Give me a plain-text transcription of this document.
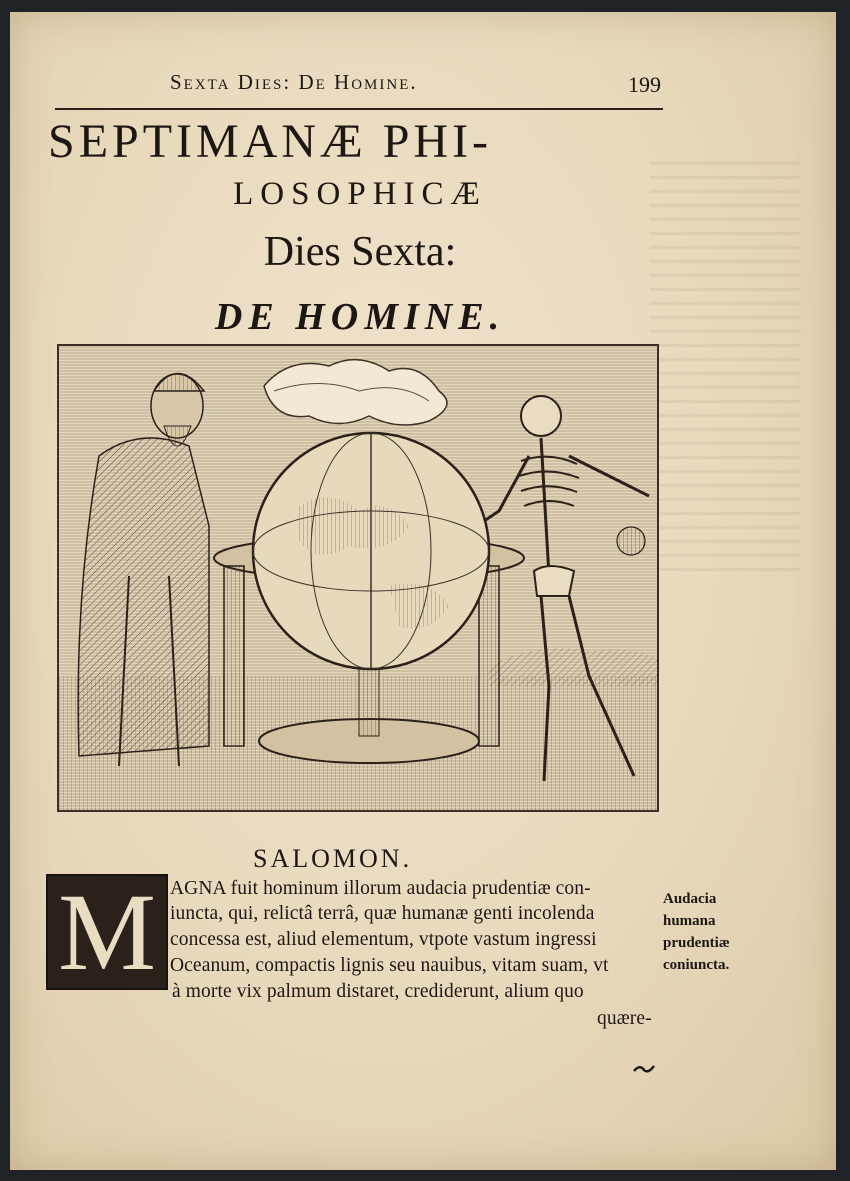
Sexta Dies: De Homine.	199
SEPTIMANÆ PHI-
LOSOPHICÆ
Dies Sexta:
DE HOMINE.
SALOMON.
M AGNA fuit hominum illorum audacia prudentiæ con-
iuncta, qui, relictâ terrâ, quæ humanæ genti incolenda
concessa est, aliud elementum, vtpote vastum ingressi
Oceanum, compactis lignis seu nauibus, vitam suam, vt
à morte vix palmum distaret, crediderunt, alium quo
quære-
Audacia
humana
prudentiæ
coniuncta.
